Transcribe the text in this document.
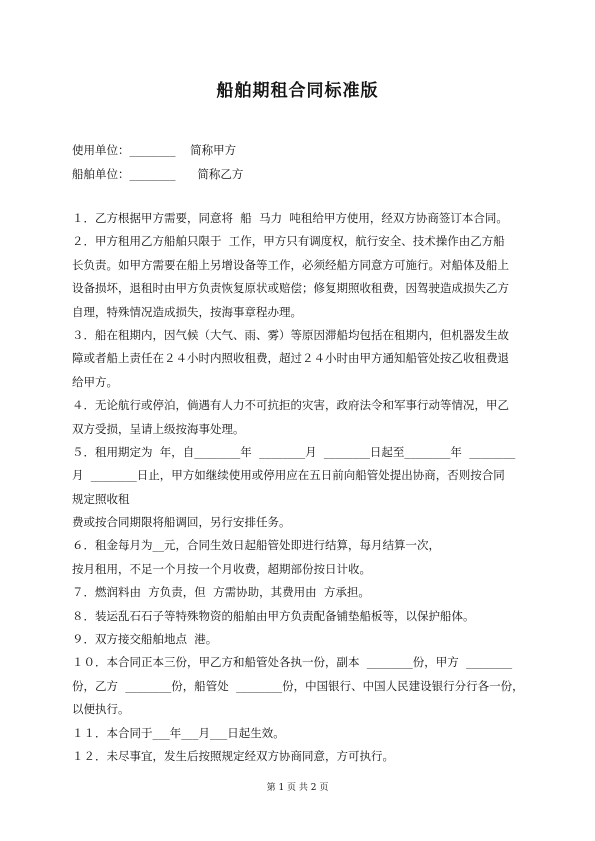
船舶期租合同标准版
使用单位：________    简称甲方
船舶单位：________      简称乙方
１．乙方根据甲方需要，同意将  船  马力  吨租给甲方使用，经双方协商签订本合同。
２．甲方租用乙方船舶只限于  工作，甲方只有调度权，航行安全、技术操作由乙方船
长负责。如甲方需要在船上另增设备等工作，必须经船方同意方可施行。对船体及船上
设备损坏，退租时由甲方负责恢复原状或赔偿；修复期照收租费，因驾驶造成损失乙方
自理，特殊情况造成损失，按海事章程办理。
３．船在租期内，因气候（大气、雨、雾）等原因滞船均包括在租期内，但机器发生故
障或者船上责任在２４小时内照收租费，超过２４小时由甲方通知船管处按乙收租费退
给甲方。
４．无论航行或停泊，倘遇有人力不可抗拒的灾害，政府法令和军事行动等情况，甲乙
双方受损，呈请上级按海事处理。
５．租用期定为  年，自________年  ________月  ________日起至________年  ________
月  ________日止，甲方如继续使用或停用应在五日前向船管处提出协商，否则按合同
规定照收租
费或按合同期限将船调回，另行安排任务。
６．租金每月为__元，合同生效日起船管处即进行结算，每月结算一次，
按月租用，不足一个月按一个月收费，超期部份按日计收。
７．燃润料由  方负责，但  方需协助，其费用由  方承担。
８．装运乱石石子等特殊物资的船舶由甲方负责配备铺垫船板等，以保护船体。
９．双方接交船舶地点  港。
１０．本合同正本三份，甲乙方和船管处各执一份，副本  ________份，甲方  ________
份，乙方  ________份，船管处  ________份，中国银行、中国人民建设银行分行各一份，
以便执行。
１１．本合同于___年___月___日起生效。
１２．未尽事宜，发生后按照规定经双方协商同意，方可执行。
第 1 页 共 2 页
